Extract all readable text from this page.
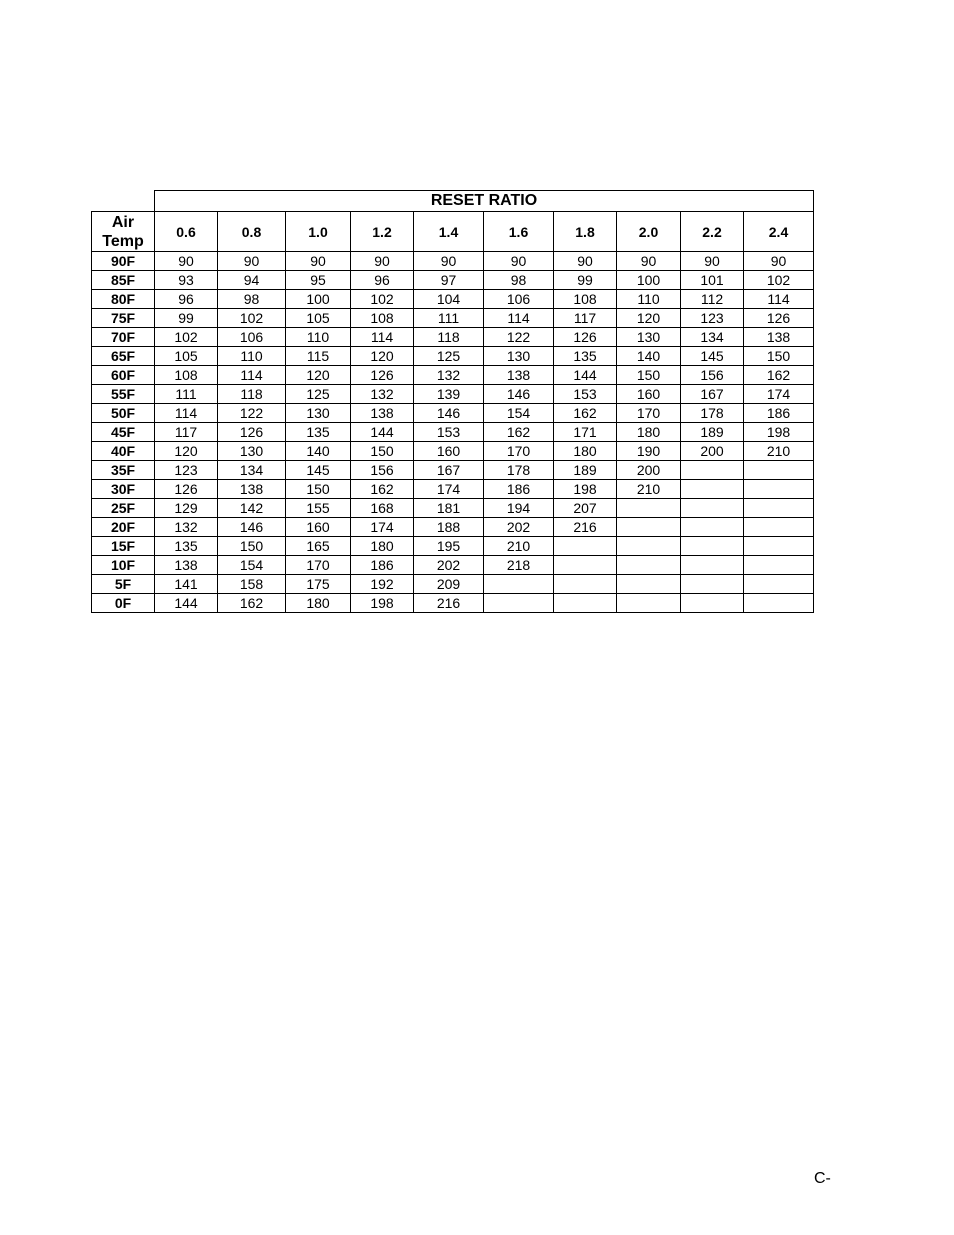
	RESET RATIO									
Air
Temp	0.6	0.8	1.0	1.2	1.4	1.6	1.8	2.0	2.2	2.4
90F	90	90	90	90	90	90	90	90	90	90
85F	93	94	95	96	97	98	99	100	101	102
80F	96	98	100	102	104	106	108	110	112	114
75F	99	102	105	108	111	114	117	120	123	126
70F	102	106	110	114	118	122	126	130	134	138
65F	105	110	115	120	125	130	135	140	145	150
60F	108	114	120	126	132	138	144	150	156	162
55F	111	118	125	132	139	146	153	160	167	174
50F	114	122	130	138	146	154	162	170	178	186
45F	117	126	135	144	153	162	171	180	189	198
40F	120	130	140	150	160	170	180	190	200	210
35F	123	134	145	156	167	178	189	200		
30F	126	138	150	162	174	186	198	210		
25F	129	142	155	168	181	194	207			
20F	132	146	160	174	188	202	216			
15F	135	150	165	180	195	210				
10F	138	154	170	186	202	218				
5F	141	158	175	192	209					
0F	144	162	180	198	216					
C-
